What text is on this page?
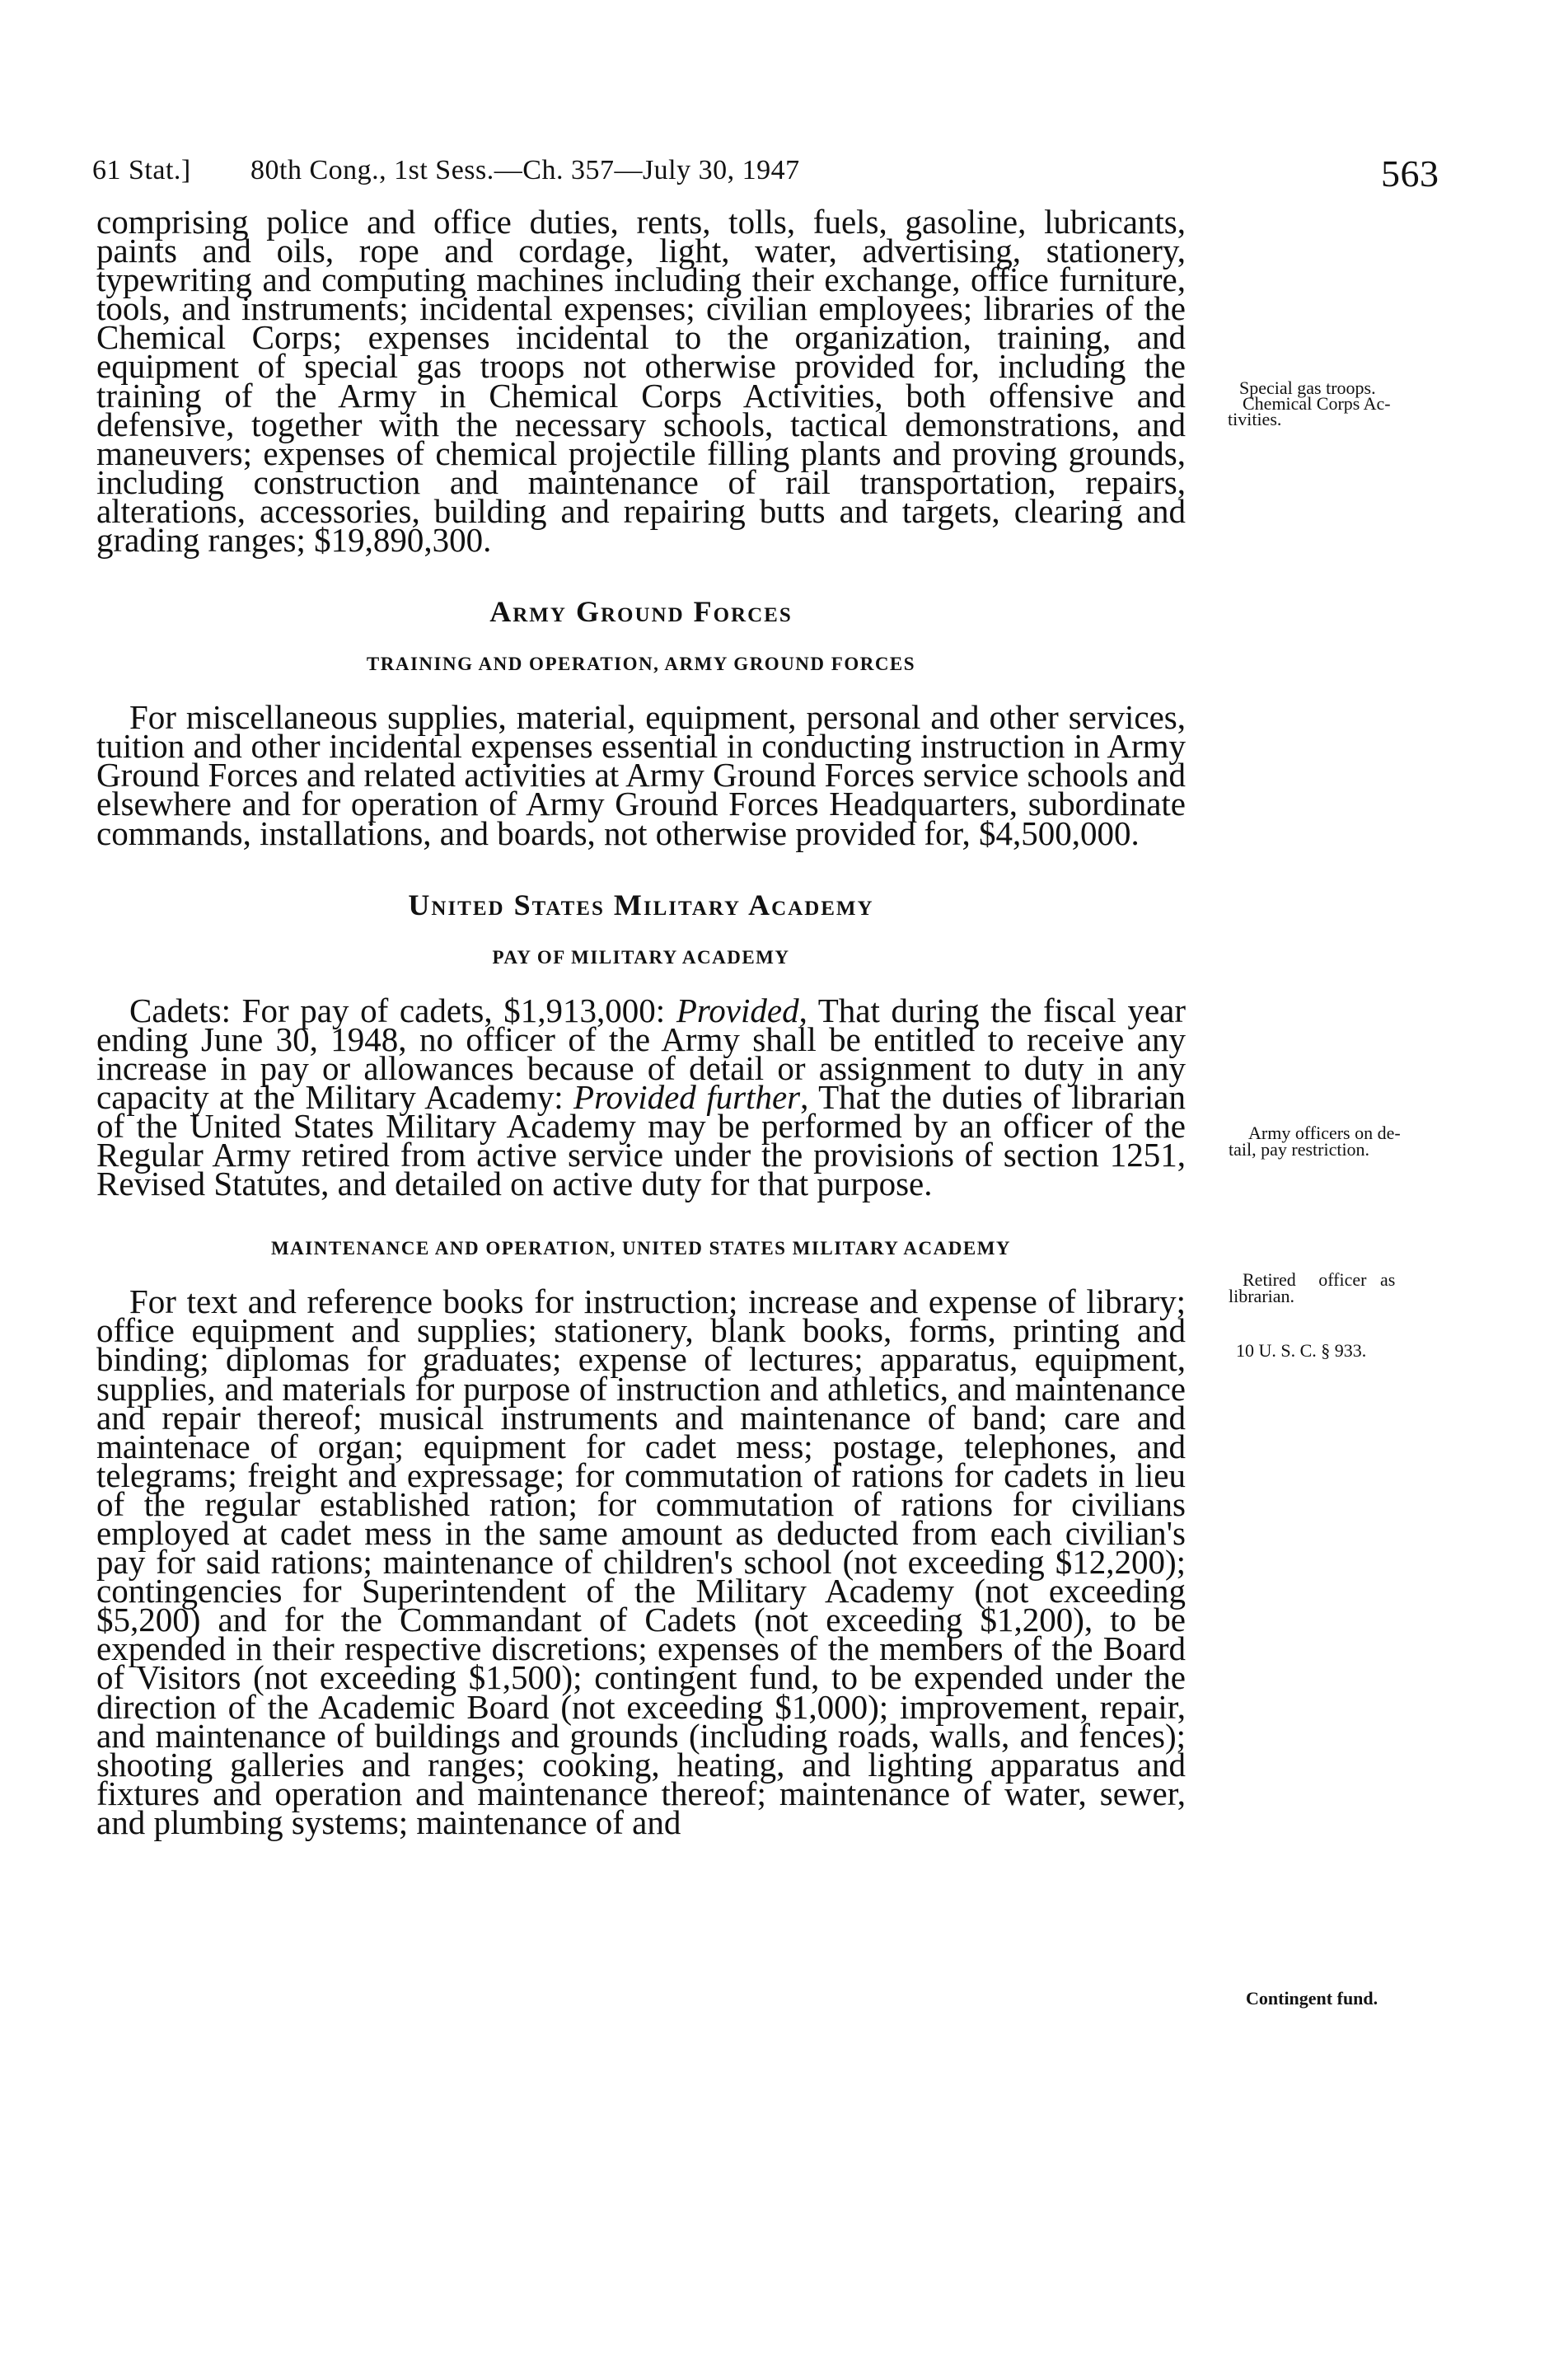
61 Stat.] 80th Cong., 1st Sess.—Ch. 357—July 30, 1947	563

comprising police and office duties, rents, tolls, fuels, gasoline, lubricants, paints and oils, rope and cordage, light, water, advertising, stationery, typewriting and computing machines including their exchange, office furniture, tools, and instruments; incidental expenses; civilian employees; libraries of the Chemical Corps; expenses incidental to the organization, training, and equipment of special gas troops not otherwise provided for, including the training of the Army in Chemical Corps Activities, both offensive and defensive, together with the necessary schools, tactical demonstrations, and maneuvers; expenses of chemical projectile filling plants and proving grounds, including construction and maintenance of rail transportation, repairs, alterations, accessories, building and repairing butts and targets, clearing and grading ranges; $19,890,300.

Army Ground Forces
TRAINING AND OPERATION, ARMY GROUND FORCES

For miscellaneous supplies, material, equipment, personal and other services, tuition and other incidental expenses essential in conducting instruction in Army Ground Forces and related activities at Army Ground Forces service schools and elsewhere and for operation of Army Ground Forces Headquarters, subordinate commands, installations, and boards, not otherwise provided for, $4,500,000.

United States Military Academy
PAY OF MILITARY ACADEMY

Cadets: For pay of cadets, $1,913,000: Provided, That during the fiscal year ending June 30, 1948, no officer of the Army shall be entitled to receive any increase in pay or allowances because of detail or assignment to duty in any capacity at the Military Academy: Provided further, That the duties of librarian of the United States Military Academy may be performed by an officer of the Regular Army retired from active service under the provisions of section 1251, Revised Statutes, and detailed on active duty for that purpose.

MAINTENANCE AND OPERATION, UNITED STATES MILITARY ACADEMY

For text and reference books for instruction; increase and expense of library; office equipment and supplies; stationery, blank books, forms, printing and binding; diplomas for graduates; expense of lectures; apparatus, equipment, supplies, and materials for purpose of instruction and athletics, and maintenance and repair thereof; musical instruments and maintenance of band; care and maintenace of organ; equipment for cadet mess; postage, telephones, and telegrams; freight and expressage; for commutation of rations for cadets in lieu of the regular established ration; for commutation of rations for civilians employed at cadet mess in the same amount as deducted from each civilian's pay for said rations; maintenance of children's school (not exceeding $12,200); contingencies for Superintendent of the Military Academy (not exceeding $5,200) and for the Commandant of Cadets (not exceeding $1,200), to be expended in their respective discretions; expenses of the members of the Board of Visitors (not exceeding $1,500); contingent fund, to be expended under the direction of the Academic Board (not exceeding $1,000); improvement, repair, and maintenance of buildings and grounds (including roads, walls, and fences); shooting galleries and ranges; cooking, heating, and lighting apparatus and fixtures and operation and maintenance thereof; maintenance of water, sewer, and plumbing systems; maintenance of and

Special gas troops.
Chemical Corps Ac-
tivities.
Army officers on de-
tail, pay restriction.
Retired     officer   as
librarian.
10 U. S. C. § 933.
Contingent fund.
